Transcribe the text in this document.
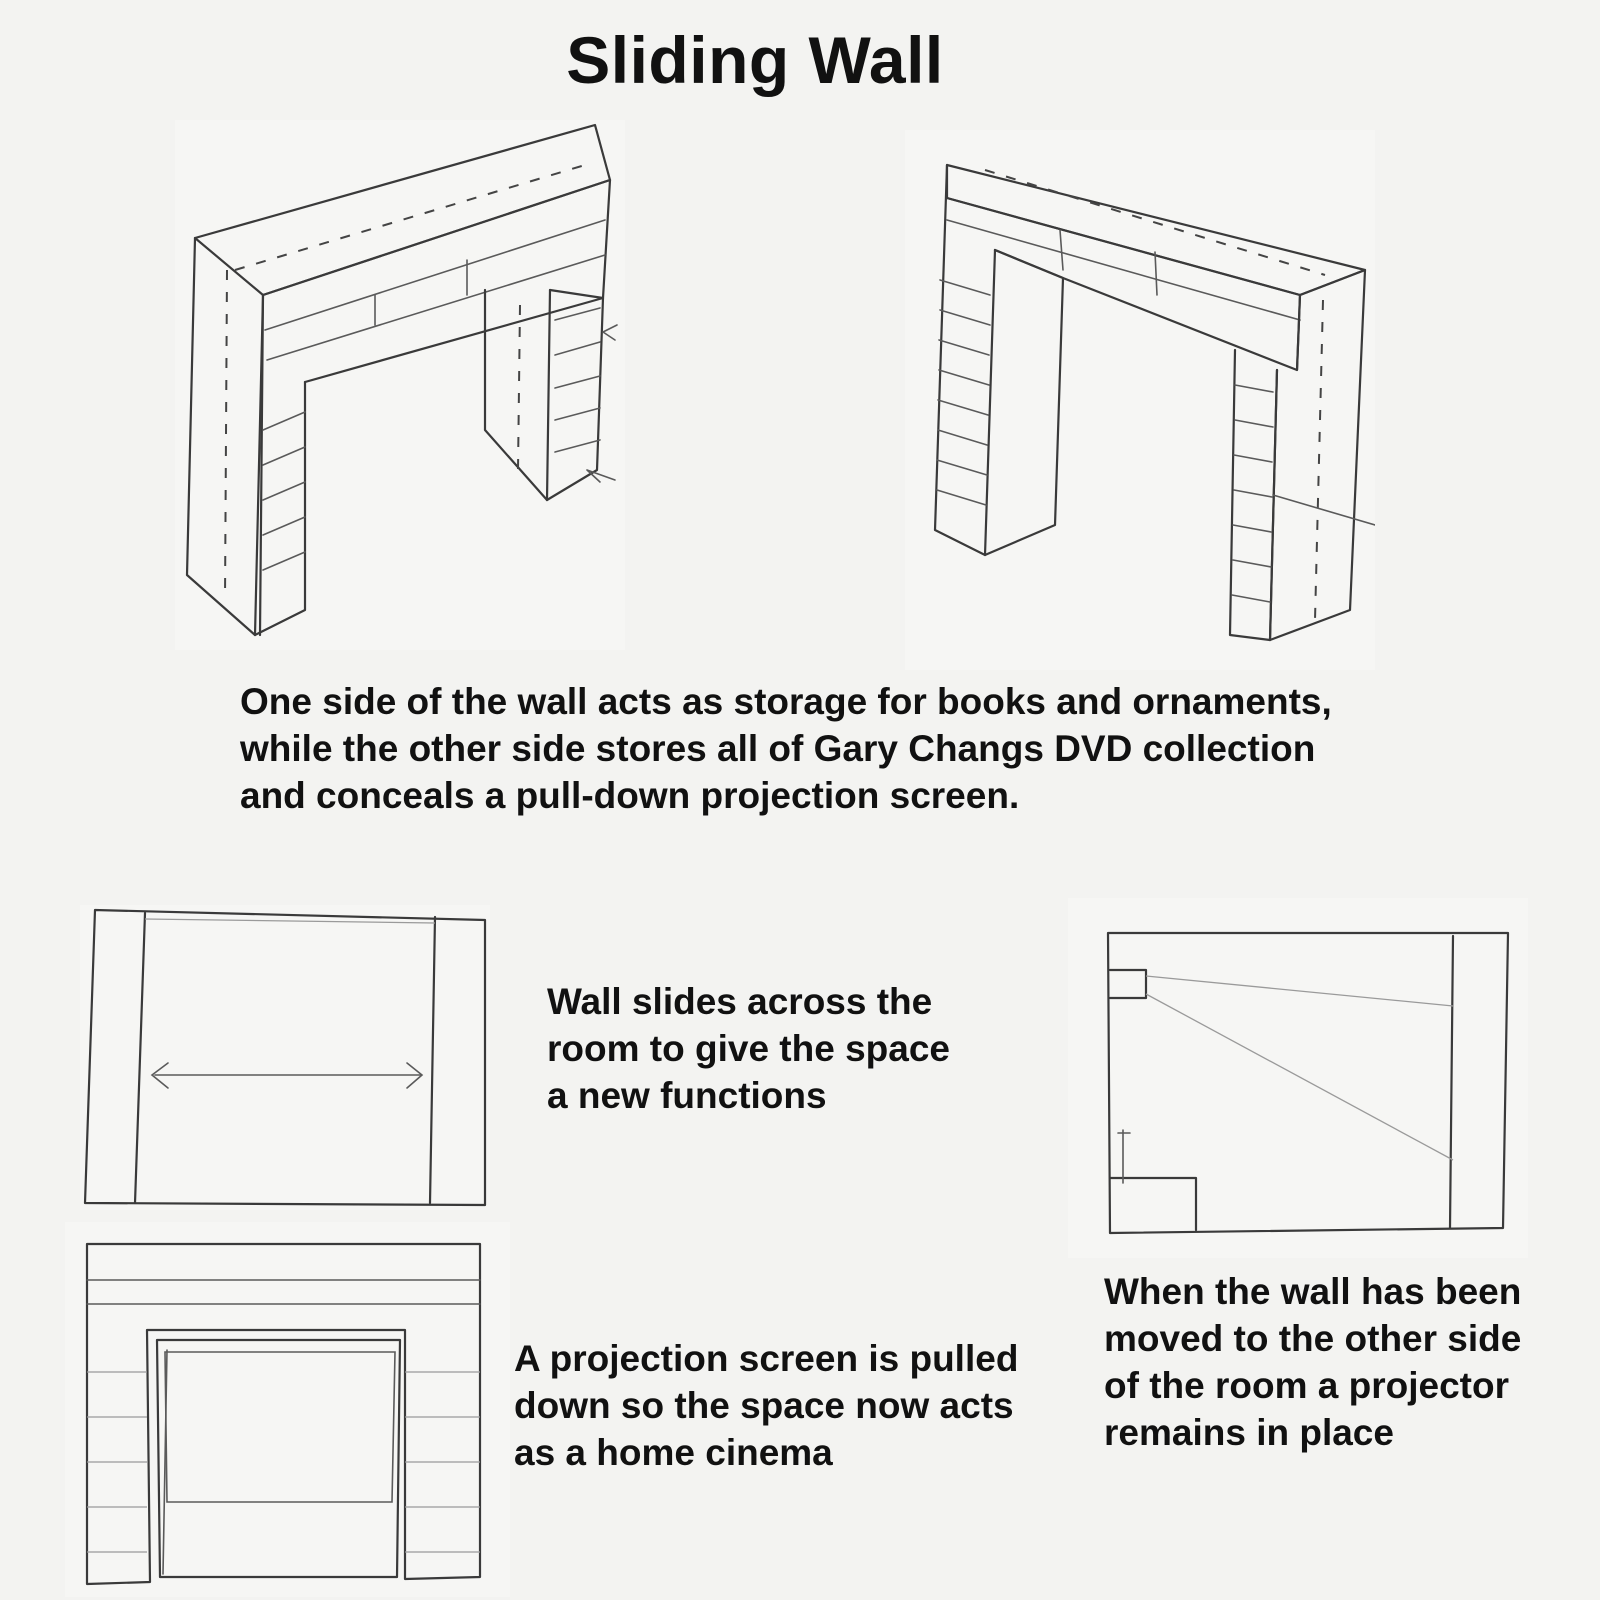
Sliding Wall
One side of the wall acts as storage for books and ornaments,
while the other side stores all of Gary Changs DVD collection
and conceals a pull-down projection screen.
Wall slides across the
room to give the space
a new functions
When the wall has been
moved to the other side
of the room a projector
remains in place
A projection screen is pulled
down so the space now acts
as a home cinema
